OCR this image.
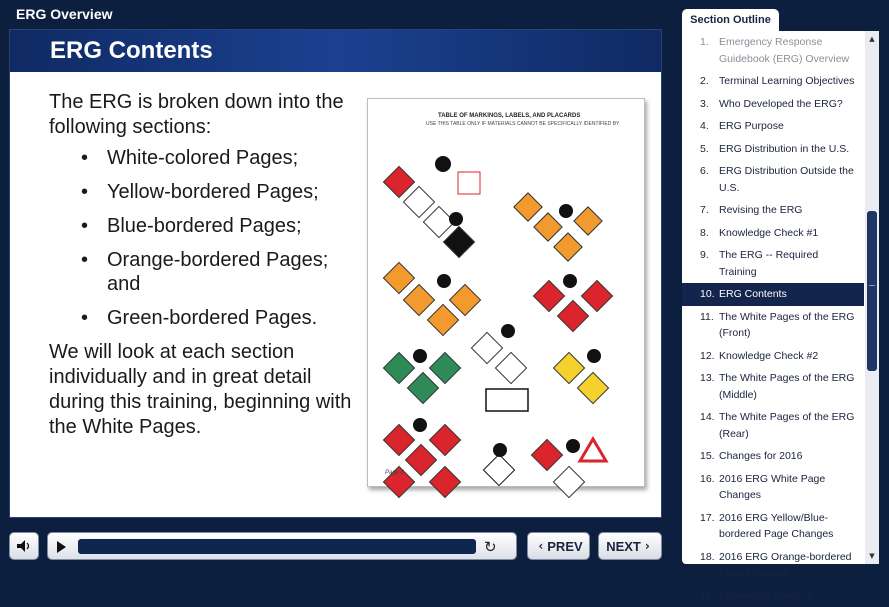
ERG Overview
ERG Contents
The ERG is broken down into the following sections:
• White-colored Pages;
• Yellow-bordered Pages;
• Blue-bordered Pages;
• Orange-bordered Pages; and
• Green-bordered Pages.
We will look at each section individually and in great detail during this training, beginning with the White Pages.
TABLE OF MARKINGS, LABELS, AND PLACARDS
USE THIS TABLE ONLY IF MATERIALS CANNOT BE SPECIFICALLY IDENTIFIED BY
Page 8
↻	‹ PREV NEXT ›
Section Outline
1. Emergency Response Guidebook (ERG) Overview
2. Terminal Learning Objectives
3. Who Developed the ERG?
4. ERG Purpose
5. ERG Distribution in the U.S.
6. ERG Distribution Outside the U.S.
7. Revising the ERG
8. Knowledge Check #1
9. The ERG -- Required Training
10. ERG Contents
11. The White Pages of the ERG (Front)
12. Knowledge Check #2
13. The White Pages of the ERG (Middle)
14. The White Pages of the ERG (Rear)
15. Changes for 2016
16. 2016 ERG White Page Changes
17. 2016 ERG Yellow/Blue-bordered Page Changes
18. 2016 ERG Orange-bordered Page Changes
19. Knowledge Check 3
▲
▼
